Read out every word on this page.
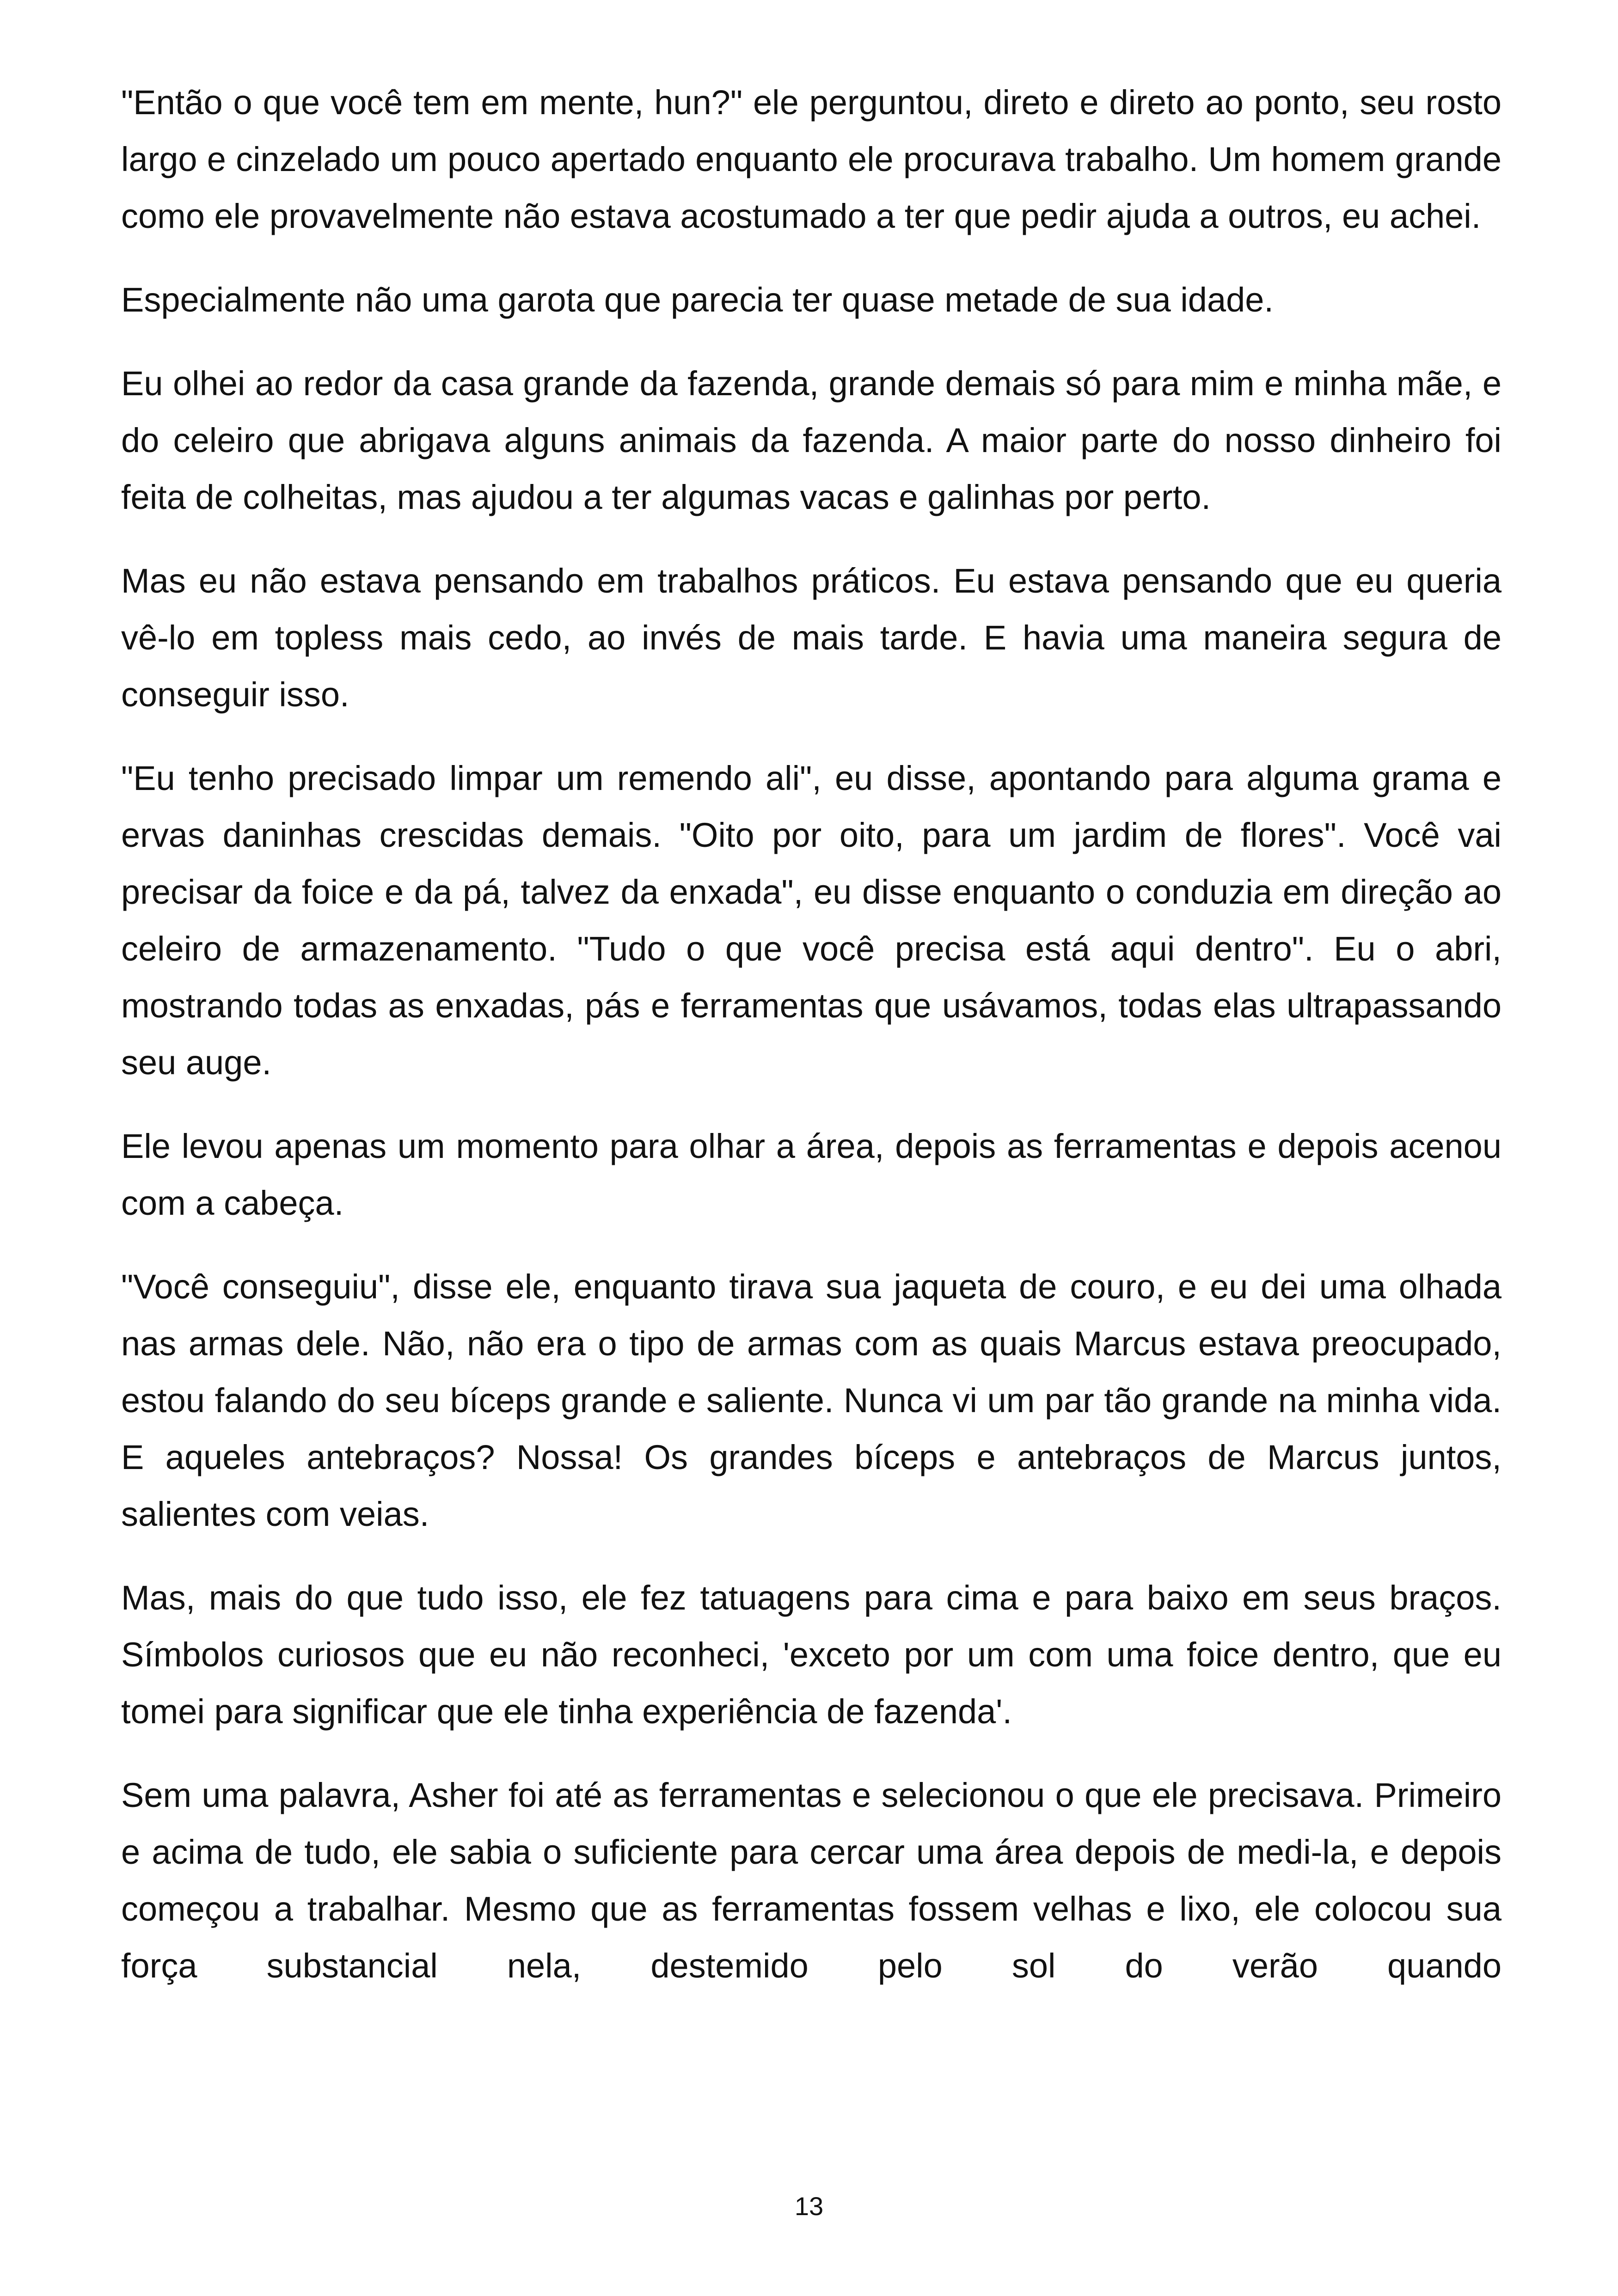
"Então o que você tem em mente, hun?" ele perguntou, direto e direto ao ponto, seu rosto largo e cinzelado um pouco apertado enquanto ele procurava trabalho. Um homem grande como ele provavelmente não estava acostumado a ter que pedir ajuda a outros, eu achei.

Especialmente não uma garota que parecia ter quase metade de sua idade.

Eu olhei ao redor da casa grande da fazenda, grande demais só para mim e minha mãe, e do celeiro que abrigava alguns animais da fazenda. A maior parte do nosso dinheiro foi feita de colheitas, mas ajudou a ter algumas vacas e galinhas por perto.

Mas eu não estava pensando em trabalhos práticos. Eu estava pensando que eu queria vê-lo em topless mais cedo, ao invés de mais tarde. E havia uma maneira segura de conseguir isso.

"Eu tenho precisado limpar um remendo ali", eu disse, apontando para alguma grama e ervas daninhas crescidas demais. "Oito por oito, para um jardim de flores". Você vai precisar da foice e da pá, talvez da enxada", eu disse enquanto o conduzia em direção ao celeiro de armazenamento. "Tudo o que você precisa está aqui dentro". Eu o abri, mostrando todas as enxadas, pás e ferramentas que usávamos, todas elas ultrapassando seu auge.

Ele levou apenas um momento para olhar a área, depois as ferramentas e depois acenou com a cabeça.

"Você conseguiu", disse ele, enquanto tirava sua jaqueta de couro, e eu dei uma olhada nas armas dele. Não, não era o tipo de armas com as quais Marcus estava preocupado, estou falando do seu bíceps grande e saliente. Nunca vi um par tão grande na minha vida. E aqueles antebraços? Nossa! Os grandes bíceps e antebraços de Marcus juntos, salientes com veias.

Mas, mais do que tudo isso, ele fez tatuagens para cima e para baixo em seus braços. Símbolos curiosos que eu não reconheci, 'exceto por um com uma foice dentro, que eu tomei para significar que ele tinha experiência de fazenda'.

Sem uma palavra, Asher foi até as ferramentas e selecionou o que ele precisava. Primeiro e acima de tudo, ele sabia o suficiente para cercar uma área depois de medi-la, e depois começou a trabalhar. Mesmo que as ferramentas fossem velhas e lixo, ele colocou sua força substancial nela, destemido pelo sol do verão quando

13
